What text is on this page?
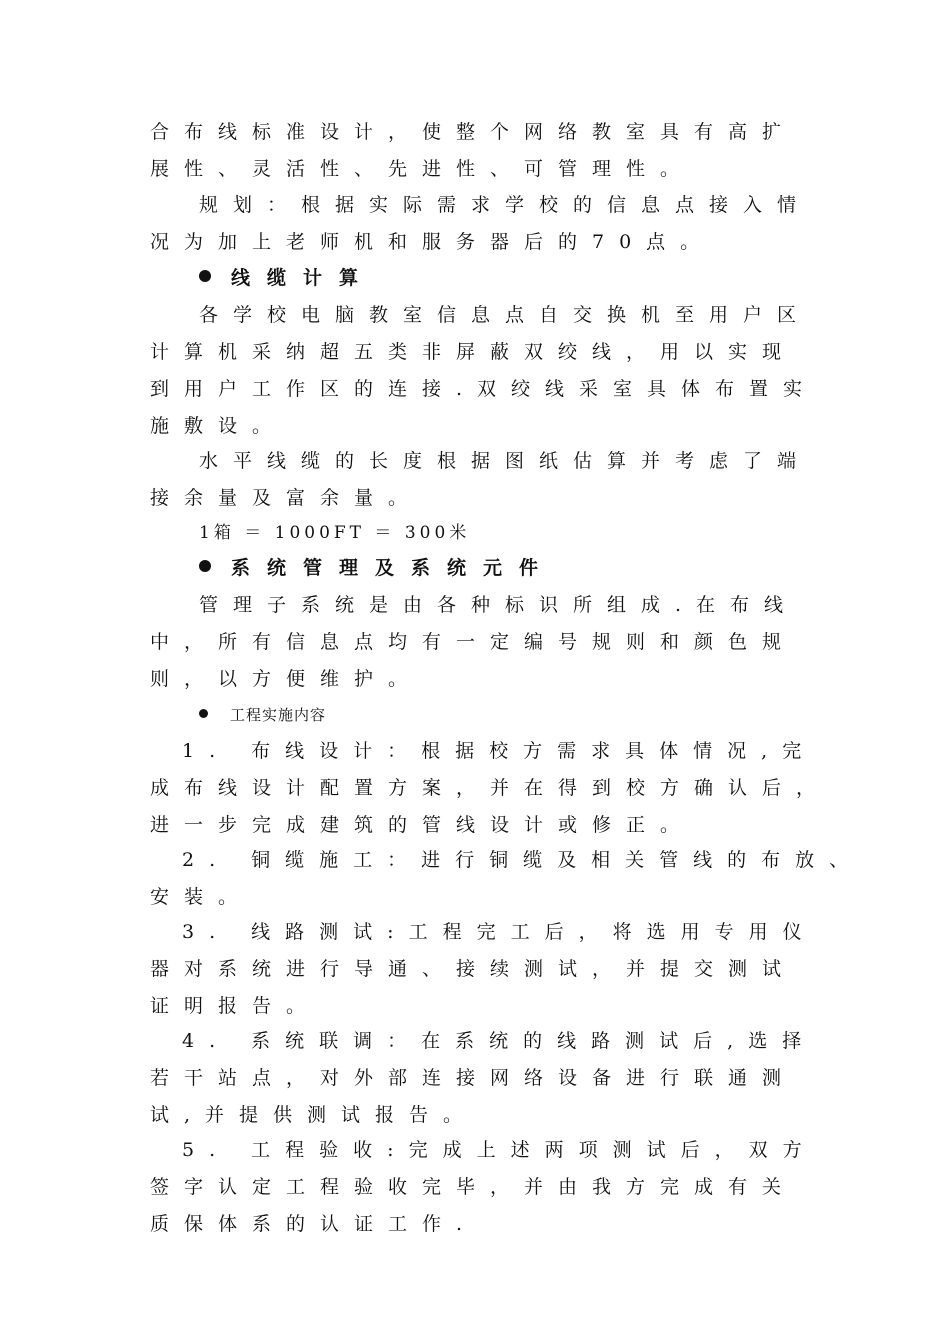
合布线标准设计，使整个网络教室具有高扩
展性、灵活性、先进性、可管理性。
规划：根据实际需求学校的信息点接入情
况为加上老师机和服务器后的70点。
线缆计算
各学校电脑教室信息点自交换机至用户区
计算机采纳超五类非屏蔽双绞线，用以实现
到用户工作区的连接.双绞线采室具体布置实
施敷设。
水平线缆的长度根据图纸估算并考虑了端
接余量及富余量。
1箱 ＝ 1000FT ＝ 300米
系统管理及系统元件
管理子系统是由各种标识所组成.在布线
中，所有信息点均有一定编号规则和颜色规
则，以方便维护。
工程实施内容
1. 布线设计：根据校方需求具体情况,完
成布线设计配置方案，并在得到校方确认后，
进一步完成建筑的管线设计或修正。
2. 铜缆施工：进行铜缆及相关管线的布放、
安装。
3. 线路测试:工程完工后，将选用专用仪
器对系统进行导通、接续测试，并提交测试
证明报告。
4. 系统联调：在系统的线路测试后,选择
若干站点，对外部连接网络设备进行联通测
试,并提供测试报告。
5. 工程验收:完成上述两项测试后，双方
签字认定工程验收完毕，并由我方完成有关
质保体系的认证工作.
